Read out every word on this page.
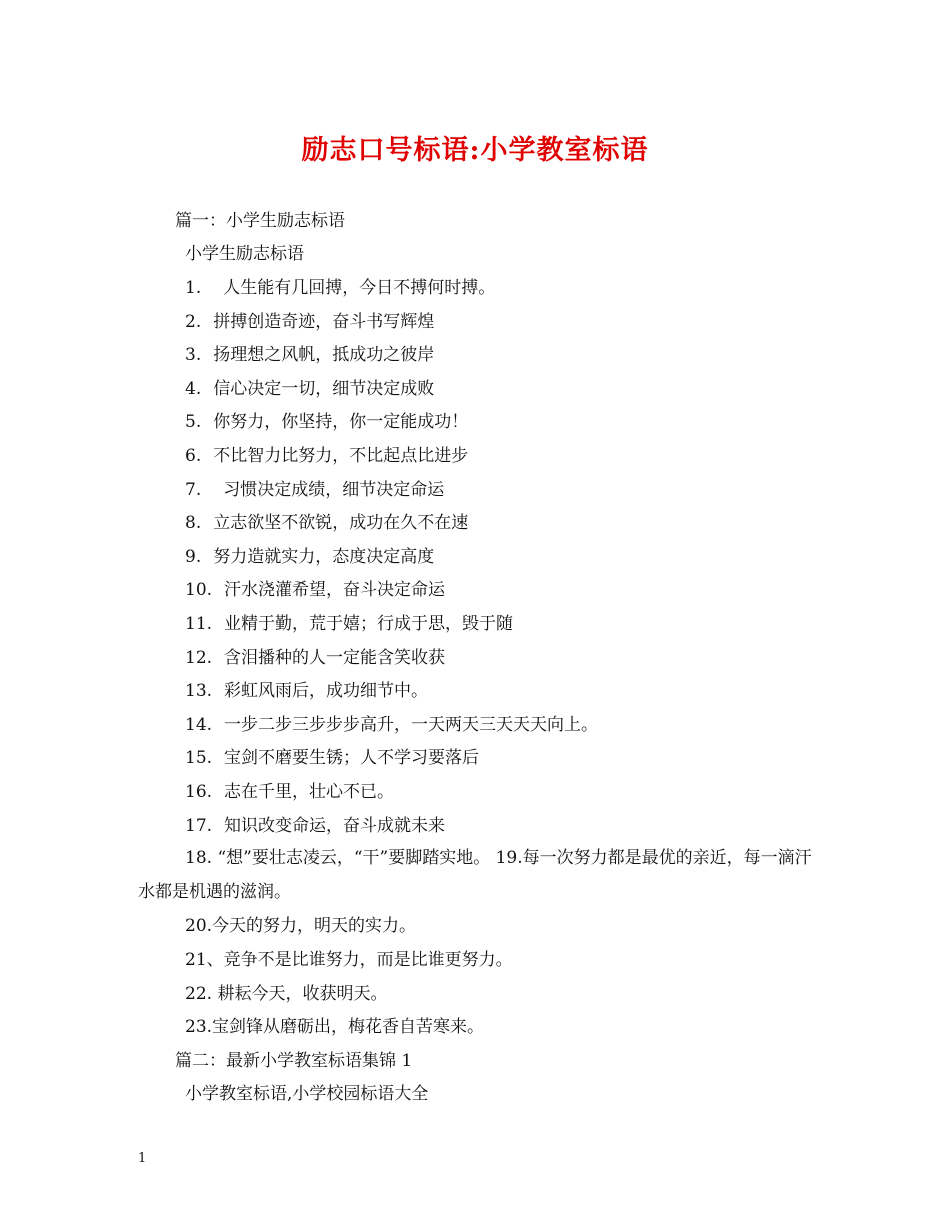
励志口号标语:小学教室标语

篇一：小学生励志标语

小学生励志标语

1. 人生能有几回搏，今日不搏何时搏。

2. 拼搏创造奇迹，奋斗书写辉煌

3. 扬理想之风帆，抵成功之彼岸

4. 信心决定一切，细节决定成败

5. 你努力，你坚持，你一定能成功！

6. 不比智力比努力，不比起点比进步

7. 习惯决定成绩，细节决定命运

8. 立志欲坚不欲锐，成功在久不在速

9. 努力造就实力，态度决定高度

10. 汗水浇灌希望，奋斗决定命运

11. 业精于勤，荒于嬉；行成于思，毁于随

12. 含泪播种的人一定能含笑收获

13. 彩虹风雨后，成功细节中。

14. 一步二步三步步步高升，一天两天三天天天向上。

15. 宝剑不磨要生锈；人不学习要落后

16. 志在千里，壮心不已。

17. 知识改变命运，奋斗成就未来

18. “想”要壮志凌云，“干”要脚踏实地。 19.每一次努力都是最优的亲近，每一滴汗水都是机遇的滋润。

20.今天的努力，明天的实力。

21、竞争不是比谁努力，而是比谁更努力。

22. 耕耘今天，收获明天。

23.宝剑锋从磨砺出，梅花香自苦寒来。

篇二：最新小学教室标语集锦 1

小学教室标语,小学校园标语大全

1
